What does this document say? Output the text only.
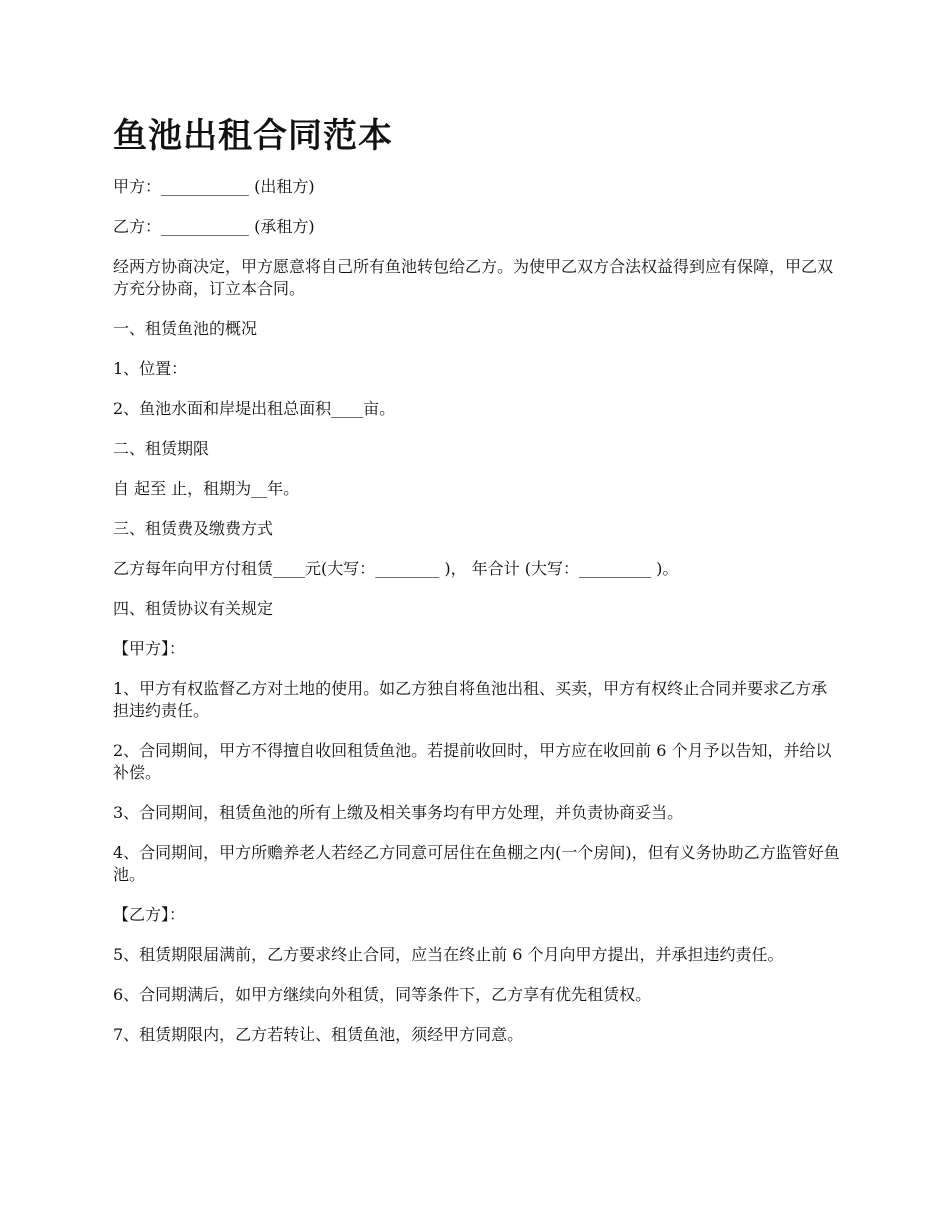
鱼池出租合同范本

甲方：___________ (出租方)

乙方：___________ (承租方)

经两方协商决定，甲方愿意将自己所有鱼池转包给乙方。为使甲乙双方合法权益得到应有保障，甲乙双方充分协商，订立本合同。

一、租赁鱼池的概况

1、位置：

2、鱼池水面和岸堤出租总面积____亩。

二、租赁期限

自 起至 止，租期为__年。

三、租赁费及缴费方式

乙方每年向甲方付租赁____元(大写：________ )， 年合计 (大写：_________ )。

四、租赁协议有关规定

【甲方】：

1、甲方有权监督乙方对土地的使用。如乙方独自将鱼池出租、买卖，甲方有权终止合同并要求乙方承担违约责任。

2、合同期间，甲方不得擅自收回租赁鱼池。若提前收回时，甲方应在收回前 6 个月予以告知，并给以补偿。

3、合同期间，租赁鱼池的所有上缴及相关事务均有甲方处理，并负责协商妥当。

4、合同期间，甲方所赡养老人若经乙方同意可居住在鱼棚之内(一个房间)，但有义务协助乙方监管好鱼池。

【乙方】：

5、租赁期限届满前，乙方要求终止合同，应当在终止前 6 个月向甲方提出，并承担违约责任。

6、合同期满后，如甲方继续向外租赁，同等条件下，乙方享有优先租赁权。

7、租赁期限内，乙方若转让、租赁鱼池，须经甲方同意。
